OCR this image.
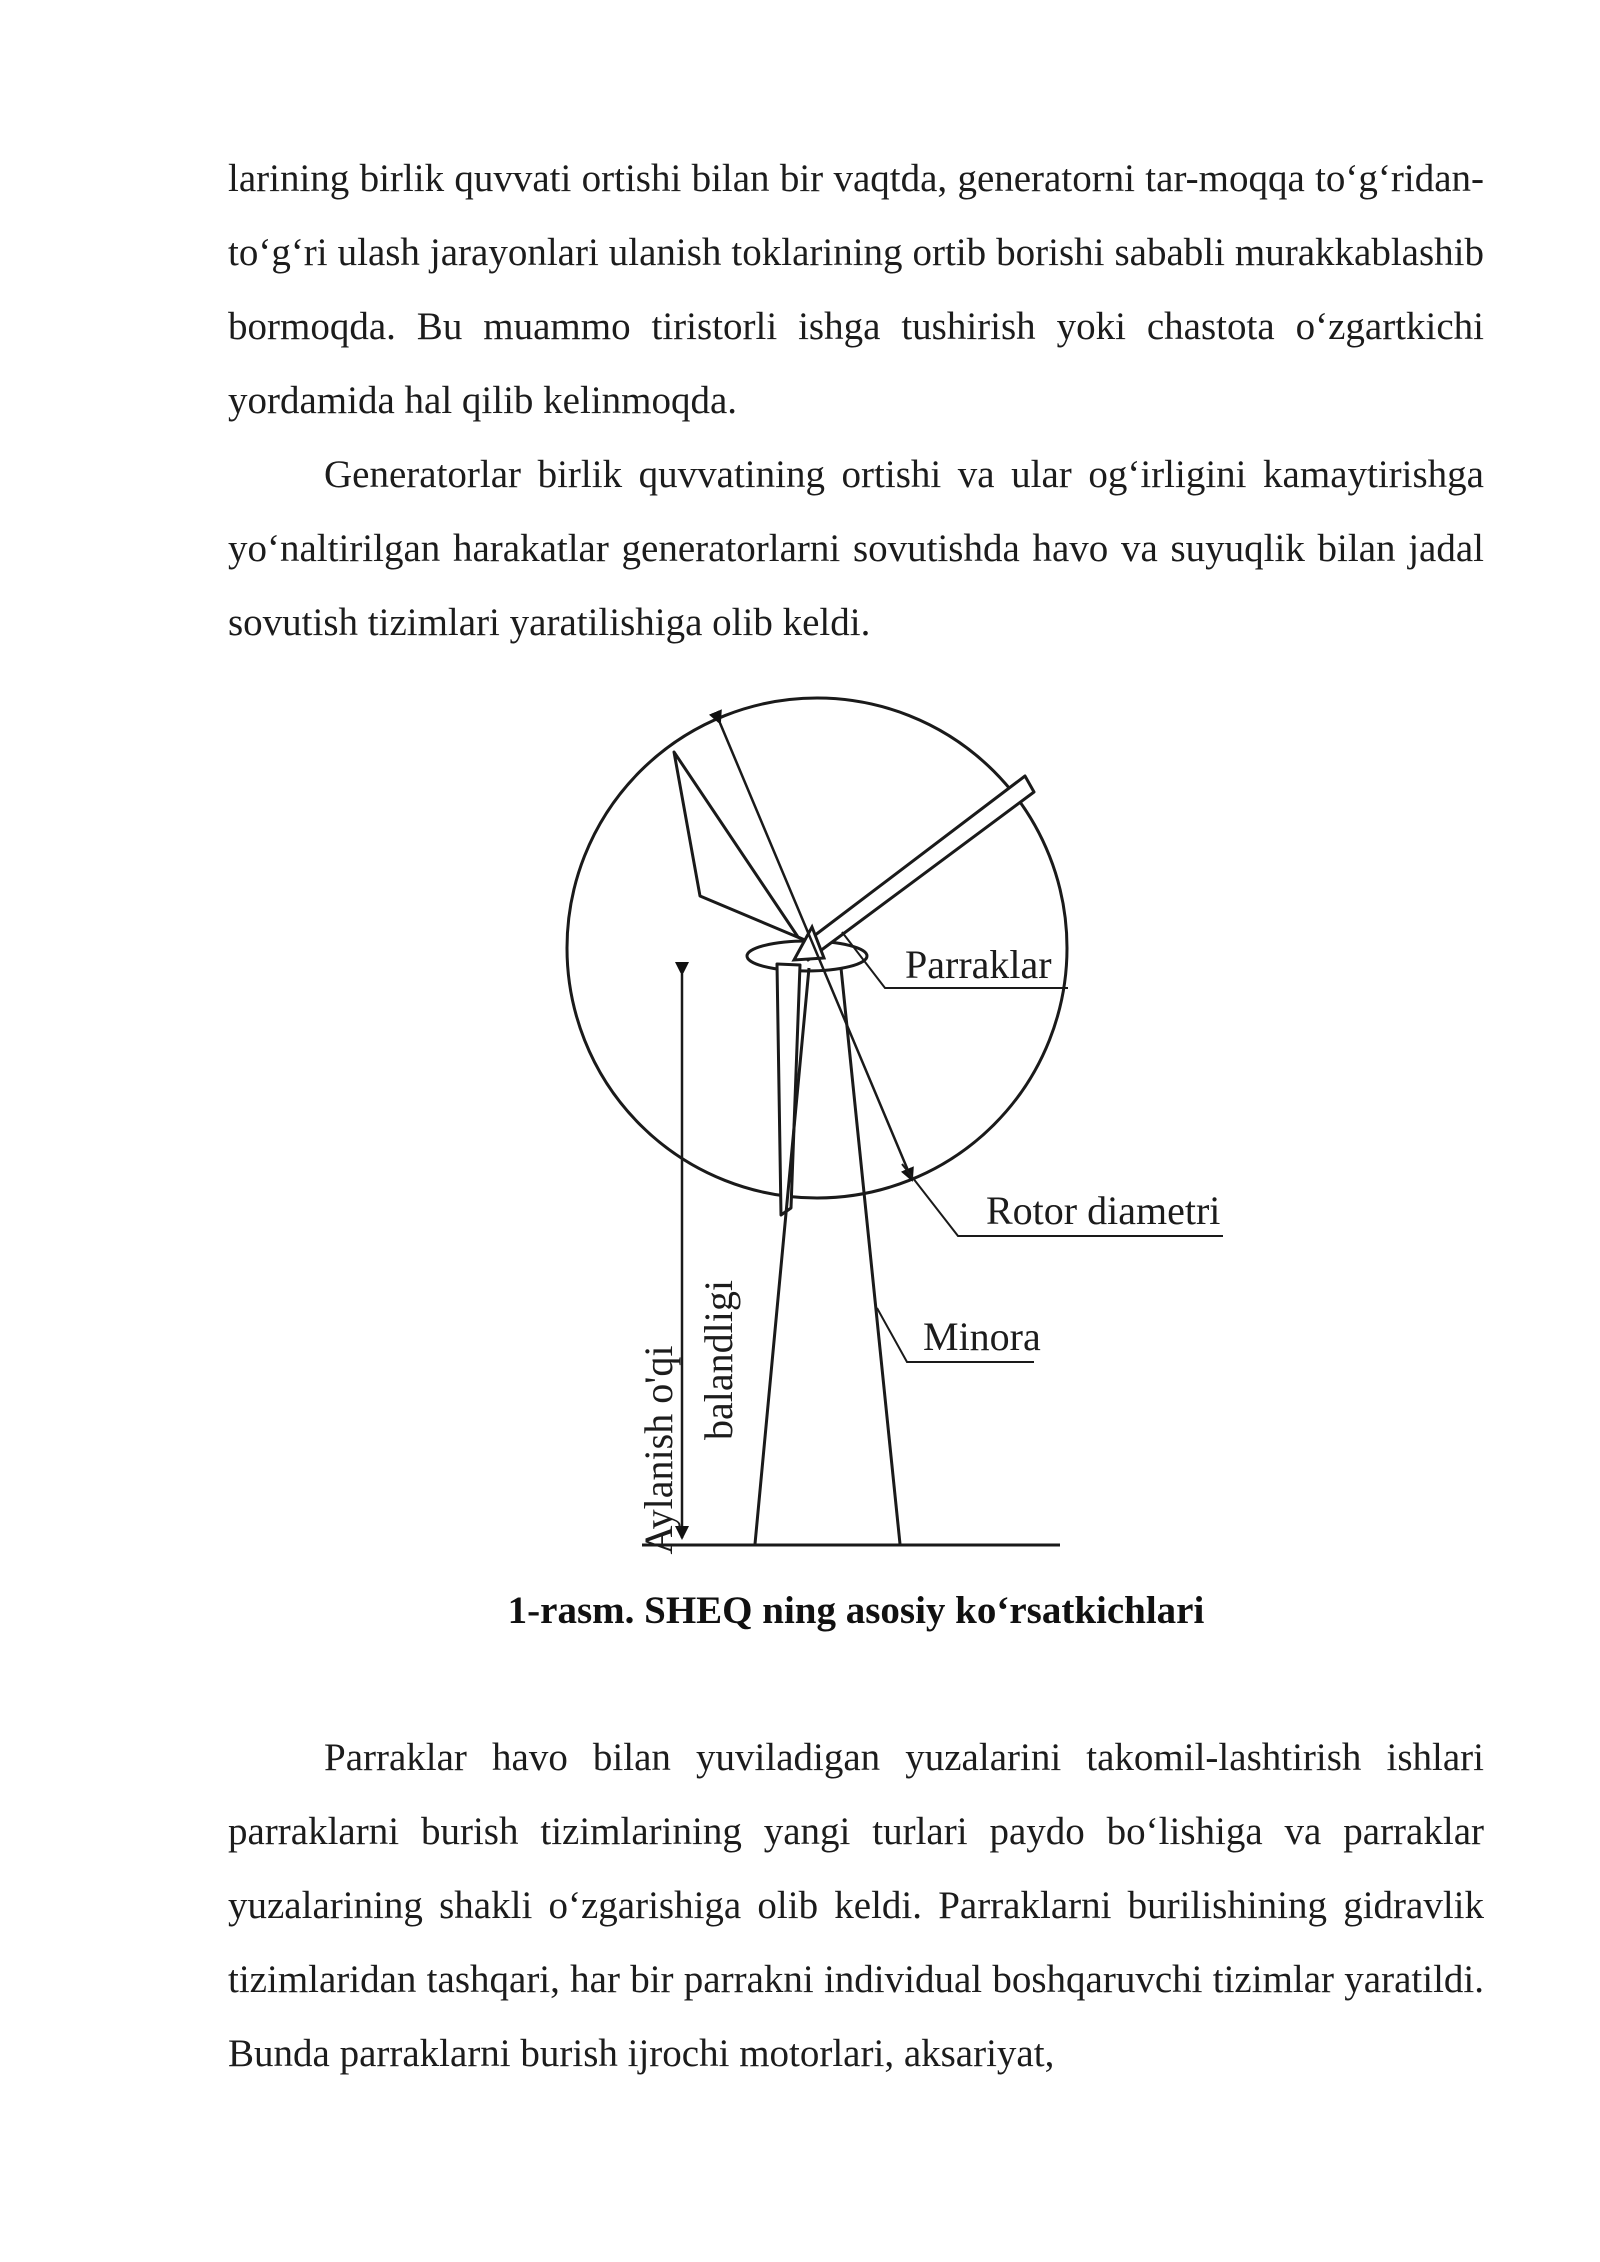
larining birlik quvvati ortishi bilan bir vaqtda, generatorni tar-moqqa to‘g‘ridan-to‘g‘ri ulash jarayonlari ulanish toklarining ortib borishi sababli murakkablashib bormoqda. Bu muammo tiristorli ishga tushirish yoki chastota o‘zgartkichi yordamida hal qilib kelinmoqda.

Generatorlar birlik quvvatining ortishi va ular og‘irligini kamaytirishga yo‘naltirilgan harakatlar generatorlarni sovutishda havo va suyuqlik bilan jadal sovutish tizimlari yaratilishiga olib keldi.

Parraklar
Rotor diametri
Minora
Aylanish o'qi balandligi

1-rasm. SHEQ ning asosiy ko‘rsatkichlari

Parraklar havo bilan yuviladigan yuzalarini takomil-lashtirish ishlari parraklarni burish tizimlarining yangi turlari paydo bo‘lishiga va parraklar yuzalarining shakli o‘zgarishiga olib keldi. Parraklarni burilishining gidravlik tizimlaridan tashqari, har bir parrakni individual boshqaruvchi tizimlar yaratildi. Bunda parraklarni burish ijrochi motorlari, aksariyat,
